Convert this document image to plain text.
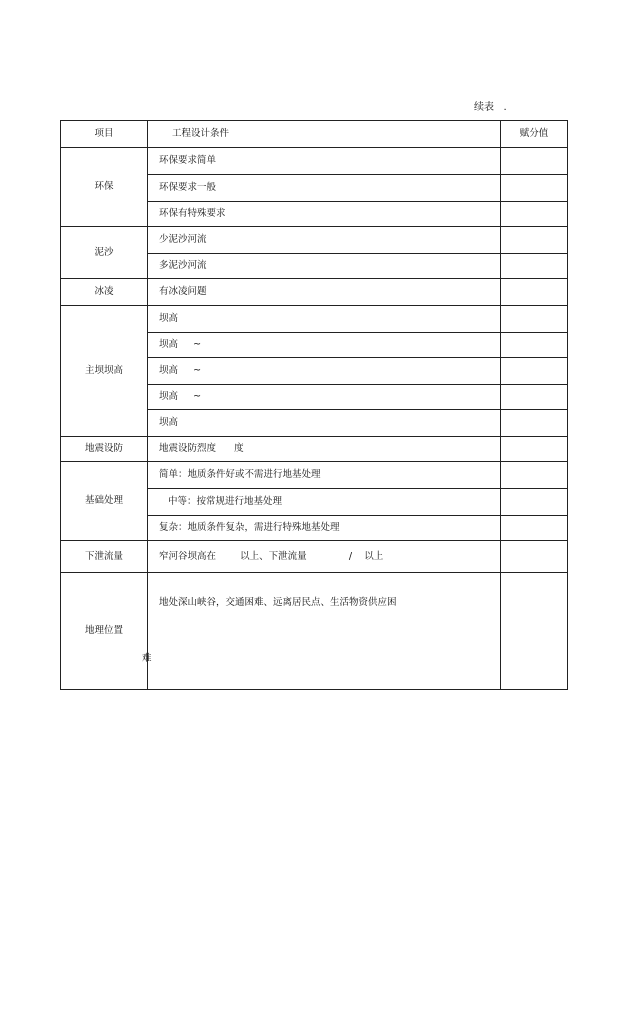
续表   .
项目	工程设计条件	赋分值
环保	环保要求简单	
	环保要求一般	
	环保有特殊要求	
泥沙	少泥沙河流	
	多泥沙河流	
冰凌	有冰凌问题	
主坝坝高	坝高	
	坝高     ~	
	坝高     ~	
	坝高     ~	
	坝高	
地震设防	地震设防烈度      度	
基础处理	简单：地质条件好或不需进行地基处理	
	中等：按常规进行地基处理	
	复杂：地质条件复杂，需进行特殊地基处理	
下泄流量	窄河谷坝高在        以上、下泄流量              /    以上	
地理位置	地处深山峡谷，交通困难、远离居民点、生活物资供应困

难	
